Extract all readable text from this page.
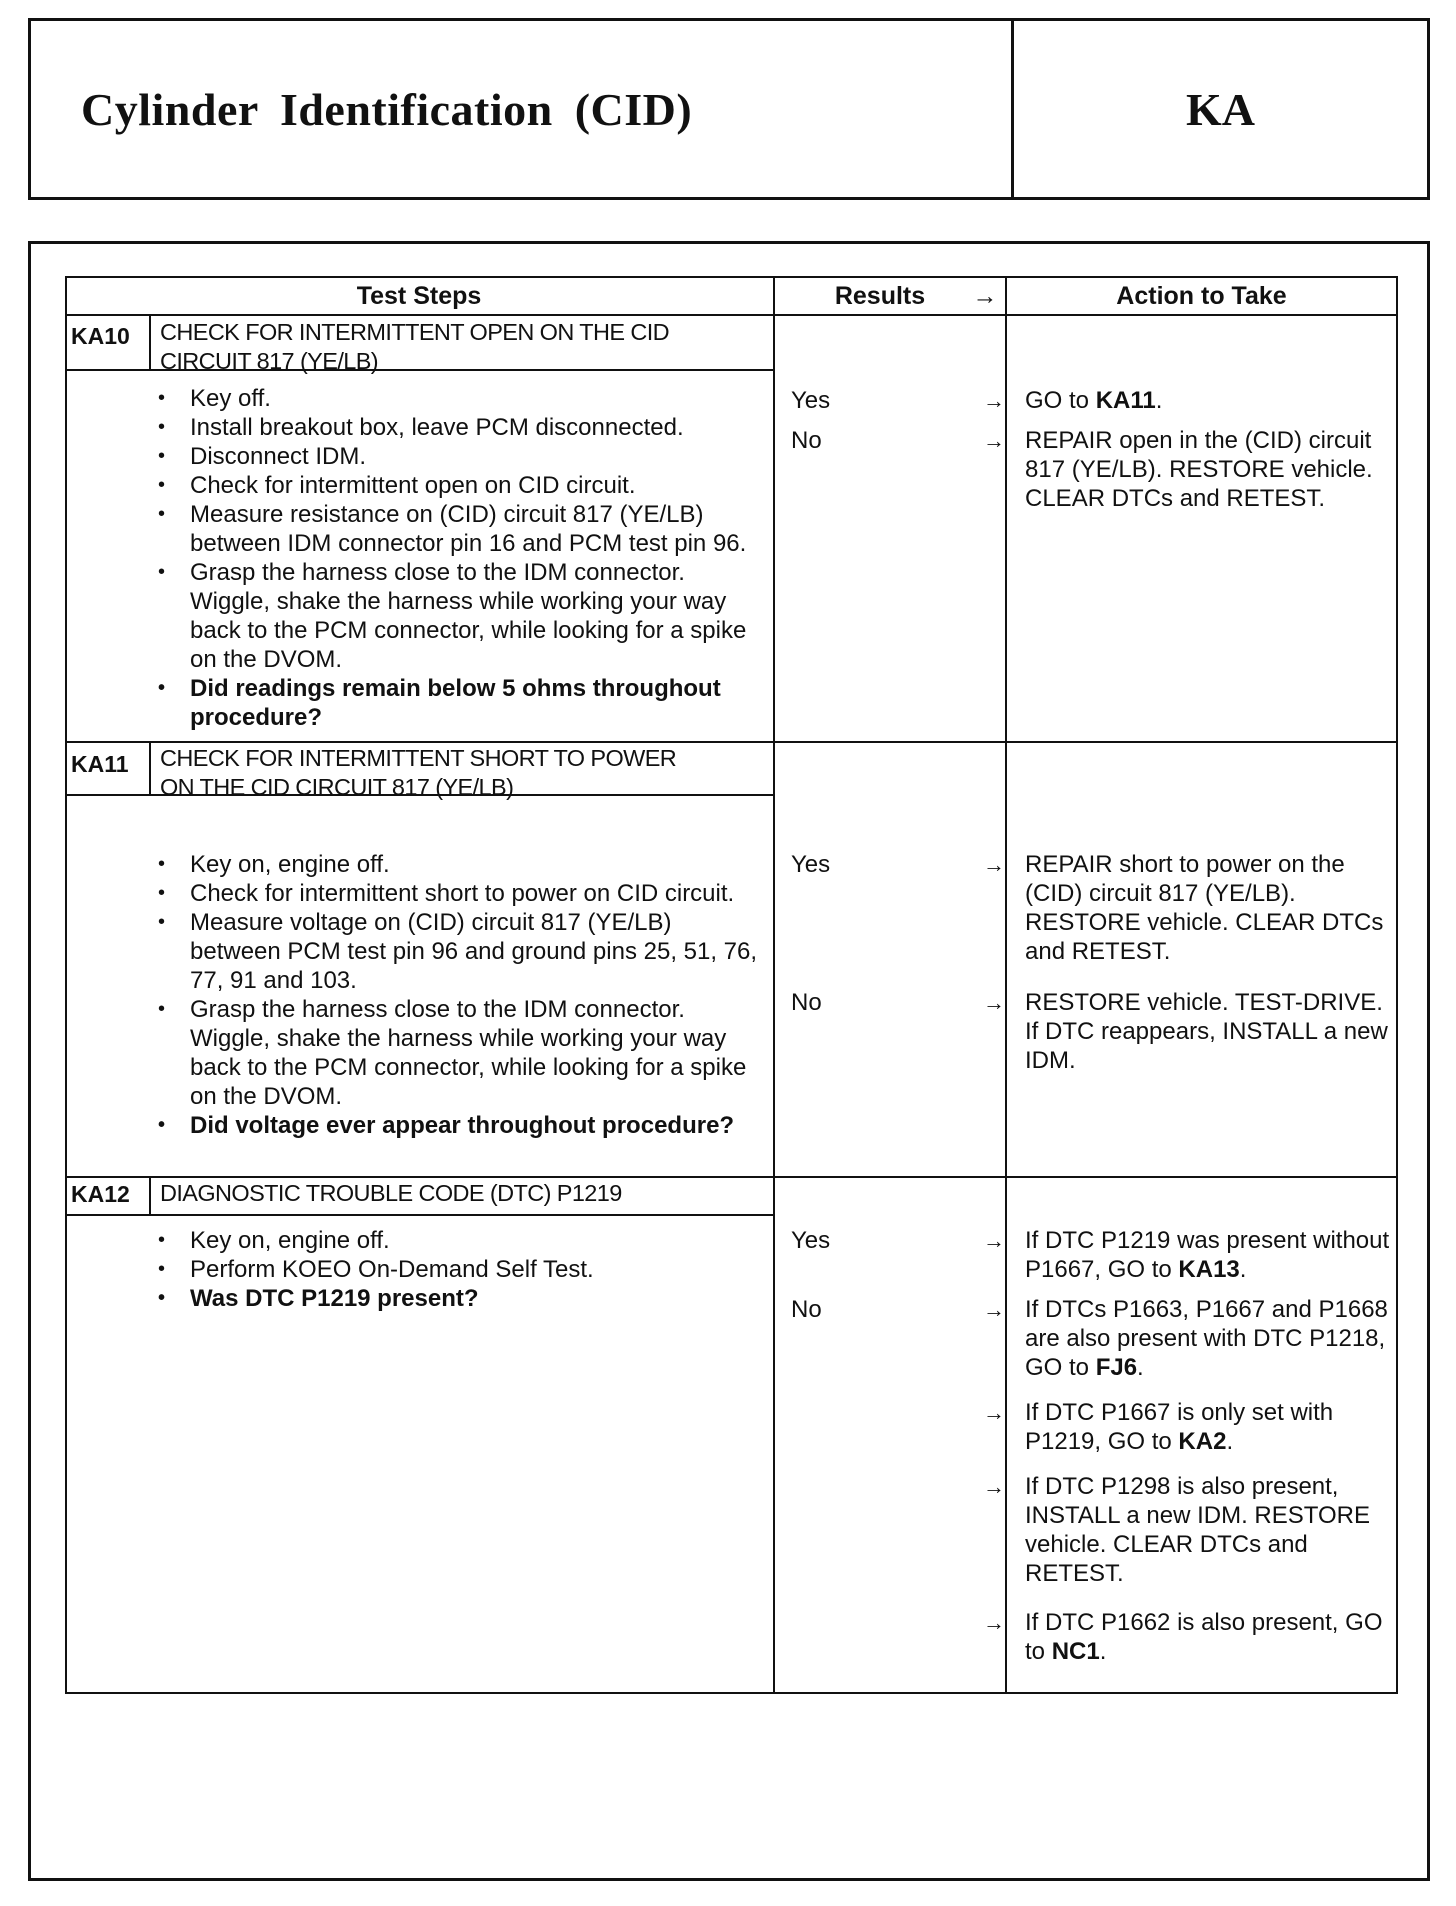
Cylinder Identification (CID)	KA
Test Steps	Results	→	Action to Take
KA10 CHECK FOR INTERMITTENT OPEN ON THE CID
CIRCUIT 817 (YE/LB)
• Key off.
• Install breakout box, leave PCM disconnected.
• Disconnect IDM.
• Check for intermittent open on CID circuit.
• Measure resistance on (CID) circuit 817 (YE/LB) between IDM connector pin 16 and PCM test pin 96.
• Grasp the harness close to the IDM connector. Wiggle, shake the harness while working your way back to the PCM connector, while looking for a spike on the DVOM.
• Did readings remain below 5 ohms throughout procedure?
Yes	→ GO to KA11.
No	→ REPAIR open in the (CID) circuit 817 (YE/LB). RESTORE vehicle. CLEAR DTCs and RETEST.
KA11 CHECK FOR INTERMITTENT SHORT TO POWER
ON THE CID CIRCUIT 817 (YE/LB)
• Key on, engine off.
• Check for intermittent short to power on CID circuit.
• Measure voltage on (CID) circuit 817 (YE/LB) between PCM test pin 96 and ground pins 25, 51, 76, 77, 91 and 103.
• Grasp the harness close to the IDM connector. Wiggle, shake the harness while working your way back to the PCM connector, while looking for a spike on the DVOM.
• Did voltage ever appear throughout procedure?
Yes	→ REPAIR short to power on the (CID) circuit 817 (YE/LB). RESTORE vehicle. CLEAR DTCs and RETEST.
No	→ RESTORE vehicle. TEST-DRIVE. If DTC reappears, INSTALL a new IDM.
KA12 DIAGNOSTIC TROUBLE CODE (DTC) P1219
• Key on, engine off.
• Perform KOEO On-Demand Self Test.
• Was DTC P1219 present?
Yes	→ If DTC P1219 was present without P1667, GO to KA13.
No	→ If DTCs P1663, P1667 and P1668 are also present with DTC P1218, GO to FJ6.
→ If DTC P1667 is only set with P1219, GO to KA2.
→ If DTC P1298 is also present, INSTALL a new IDM. RESTORE vehicle. CLEAR DTCs and RETEST.
→ If DTC P1662 is also present, GO to NC1.
